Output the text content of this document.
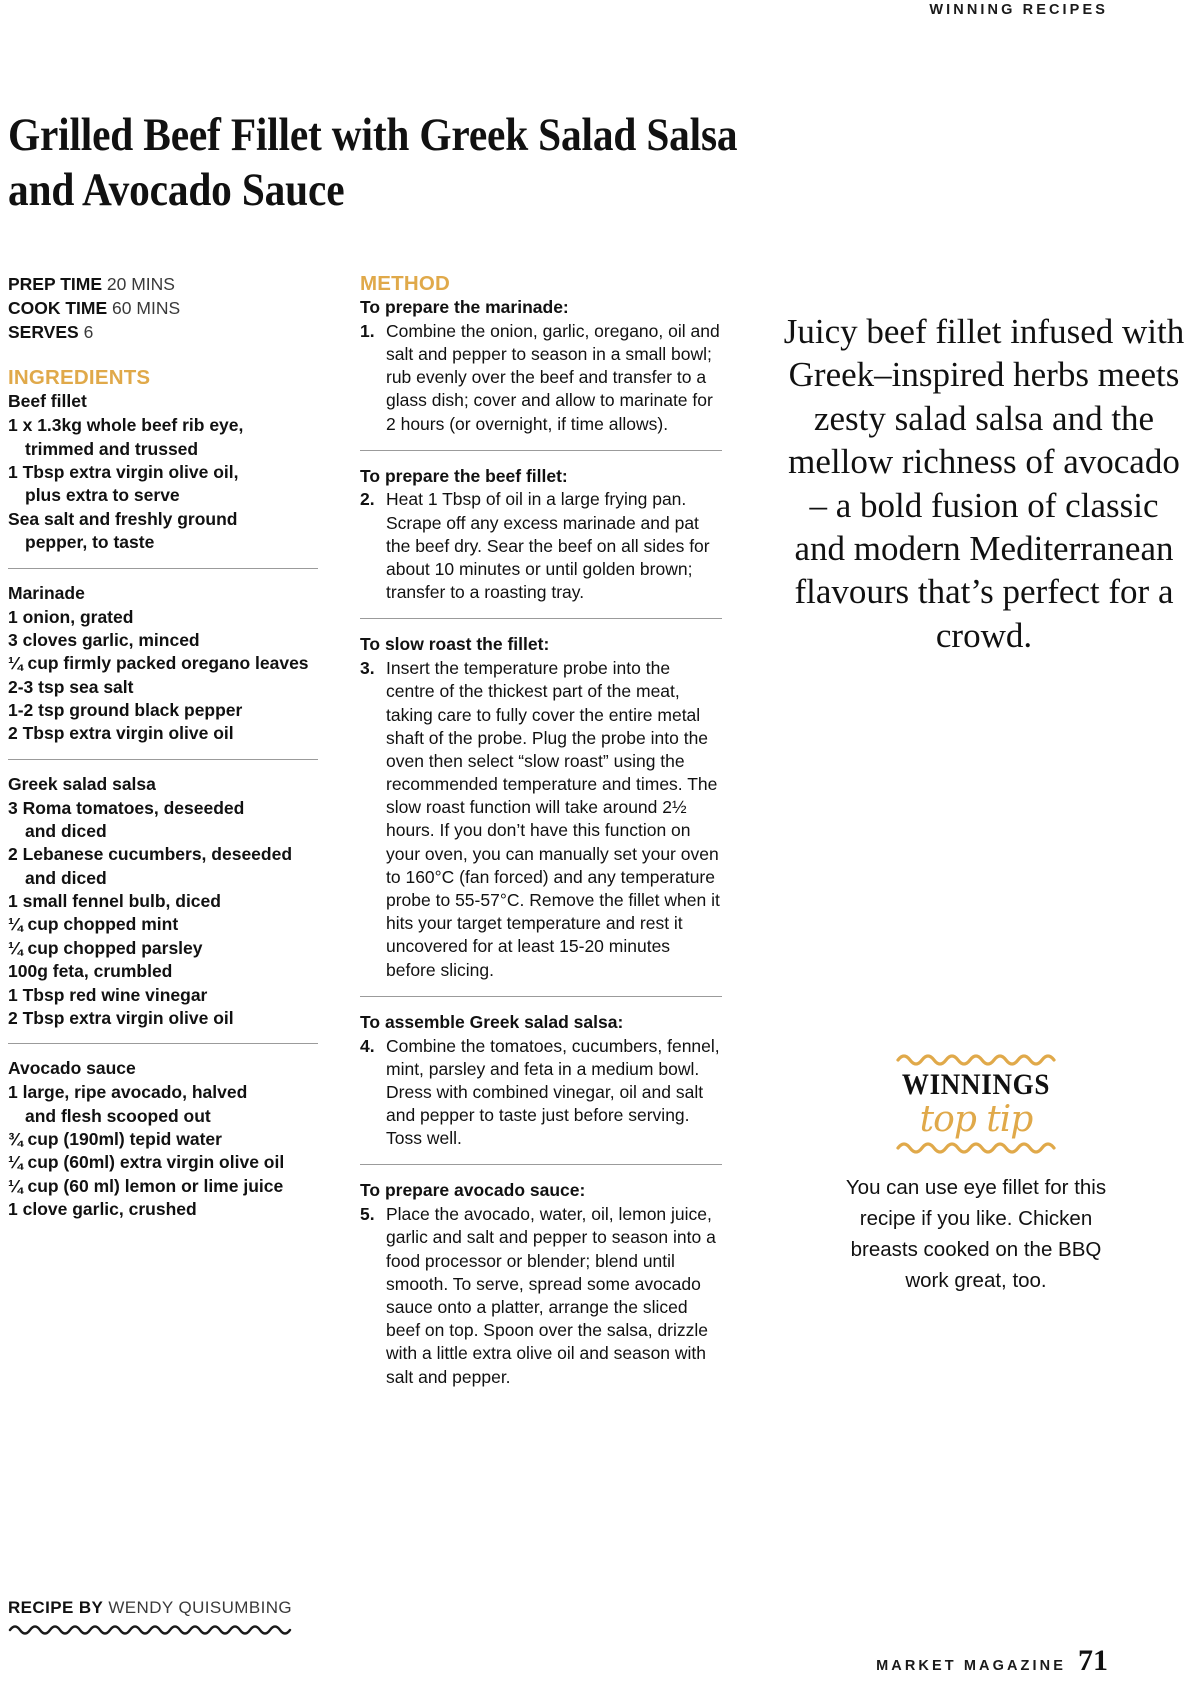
WINNING RECIPES
Grilled Beef Fillet with Greek Salad Salsa
and Avocado Sauce
PREP TIME 20 MINS
COOK TIME 60 MINS
SERVES 6
INGREDIENTS
Beef fillet

1 x 1.3kg whole beef rib eye,
trimmed and trussed

1 Tbsp extra virgin olive oil,
plus extra to serve

Sea salt and freshly ground
pepper, to taste
Marinade
1 onion, grated
3 cloves garlic, minced
¼ cup firmly packed oregano leaves
2-3 tsp sea salt
1-2 tsp ground black pepper
2 Tbsp extra virgin olive oil
Greek salad salsa

3 Roma tomatoes, deseeded
and diced

2 Lebanese cucumbers, deseeded
and diced
1 small fennel bulb, diced
¼ cup chopped mint
¼ cup chopped parsley
100g feta, crumbled
1 Tbsp red wine vinegar
2 Tbsp extra virgin olive oil
Avocado sauce

1 large, ripe avocado, halved
and flesh scooped out
¾ cup (190ml) tepid water
¼ cup (60ml) extra virgin olive oil
¼ cup (60 ml) lemon or lime juice
1 clove garlic, crushed
METHOD
To prepare the marinade:
1. Combine the onion, garlic, oregano, oil and salt and pepper to season in a small bowl; rub evenly over the beef and transfer to a glass dish; cover and allow to marinate for 2 hours (or overnight, if time allows).
To prepare the beef fillet:
2. Heat 1 Tbsp of oil in a large frying pan. Scrape off any excess marinade and pat the beef dry. Sear the beef on all sides for about 10 minutes or until golden brown; transfer to a roasting tray.
To slow roast the fillet:
3. Insert the temperature probe into the centre of the thickest part of the meat, taking care to fully cover the entire metal shaft of the probe. Plug the probe into the oven then select “slow roast” using the recommended temperature and times. The slow roast function will take around 2½ hours. If you don’t have this function on your oven, you can manually set your oven to 160°C (fan forced) and any temperature probe to 55-57°C. Remove the fillet when it hits your target temperature and rest it uncovered for at least 15-20 minutes before slicing.
To assemble Greek salad salsa:
4. Combine the tomatoes, cucumbers, fennel, mint, parsley and feta in a medium bowl. Dress with combined vinegar, oil and salt and pepper to taste just before serving. Toss well.
To prepare avocado sauce:
5. Place the avocado, water, oil, lemon juice, garlic and salt and pepper to season into a food processor or blender; blend until smooth. To serve, spread some avocado sauce onto a platter, arrange the sliced beef on top. Spoon over the salsa, drizzle with a little extra olive oil and season with salt and pepper.
Juicy beef fillet infused with Greek–inspired herbs meets zesty salad salsa and the mellow richness of avocado – a bold fusion of classic and modern Mediterranean flavours that’s perfect for a crowd.
WINNINGS
top tip
You can use eye fillet for this recipe if you like. Chicken breasts cooked on the BBQ work great, too.
RECIPE BY WENDY QUISUMBING
MARKET MAGAZINE 71
